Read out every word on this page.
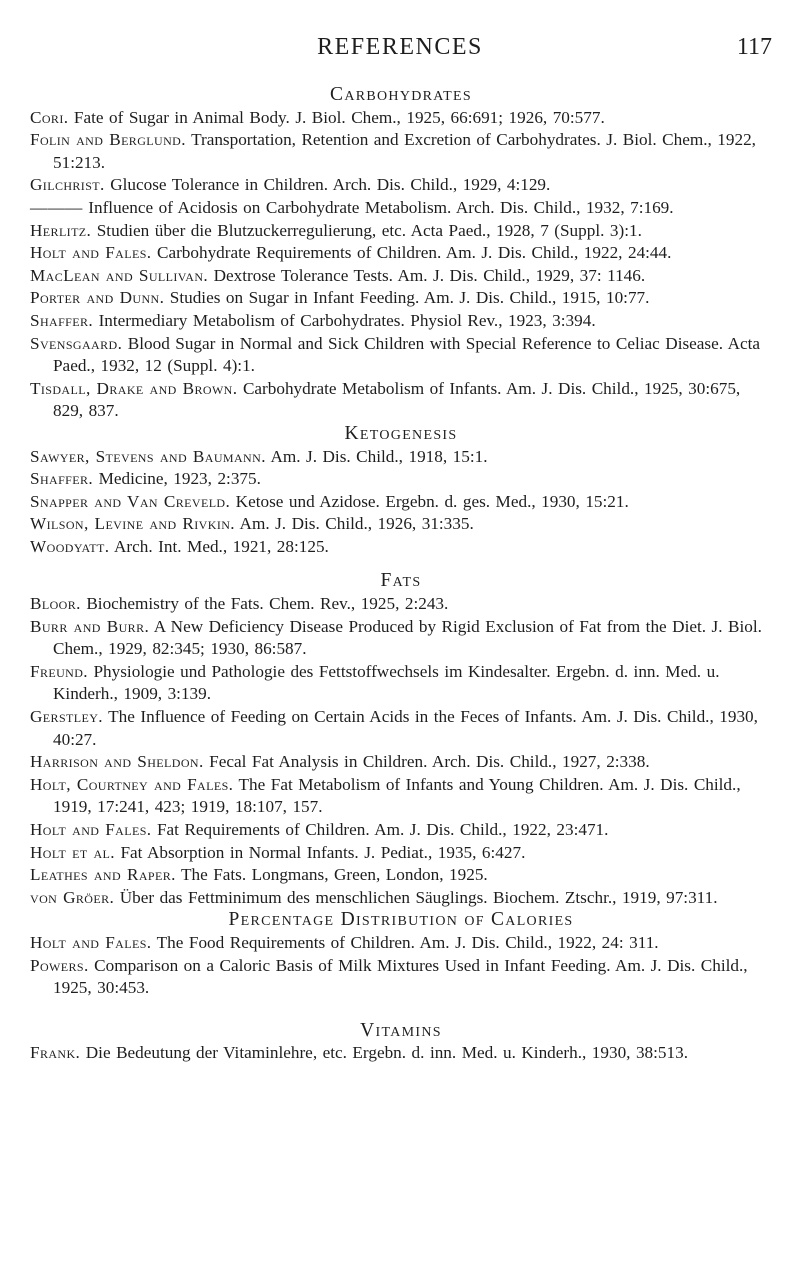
REFERENCES	117
Carbohydrates

Cori. Fate of Sugar in Animal Body. J. Biol. Chem., 1925, 66:691; 1926, 70:577.

Folin and Berglund. Transportation, Retention and Excretion of Carbohydrates. J. Biol. Chem., 1922, 51:213.

Gilchrist. Glucose Tolerance in Children. Arch. Dis. Child., 1929, 4:129.

——— Influence of Acidosis on Carbohydrate Metabolism. Arch. Dis. Child., 1932, 7:169.

Herlitz. Studien über die Blutzuckerregulierung, etc. Acta Paed., 1928, 7 (Suppl. 3):1.

Holt and Fales. Carbohydrate Requirements of Children. Am. J. Dis. Child., 1922, 24:44.

MacLean and Sullivan. Dextrose Tolerance Tests. Am. J. Dis. Child., 1929, 37: 1146.

Porter and Dunn. Studies on Sugar in Infant Feeding. Am. J. Dis. Child., 1915, 10:77.

Shaffer. Intermediary Metabolism of Carbohydrates. Physiol Rev., 1923, 3:394.

Svensgaard. Blood Sugar in Normal and Sick Children with Special Reference to Celiac Disease. Acta Paed., 1932, 12 (Suppl. 4):1.

Tisdall, Drake and Brown. Carbohydrate Metabolism of Infants. Am. J. Dis. Child., 1925, 30:675, 829, 837.

Ketogenesis

Sawyer, Stevens and Baumann. Am. J. Dis. Child., 1918, 15:1.

Shaffer. Medicine, 1923, 2:375.

Snapper and Van Creveld. Ketose und Azidose. Ergebn. d. ges. Med., 1930, 15:21.

Wilson, Levine and Rivkin. Am. J. Dis. Child., 1926, 31:335.

Woodyatt. Arch. Int. Med., 1921, 28:125.

Fats

Bloor. Biochemistry of the Fats. Chem. Rev., 1925, 2:243.

Burr and Burr. A New Deficiency Disease Produced by Rigid Exclusion of Fat from the Diet. J. Biol. Chem., 1929, 82:345; 1930, 86:587.

Freund. Physiologie und Pathologie des Fettstoffwechsels im Kindesalter. Ergebn. d. inn. Med. u. Kinderh., 1909, 3:139.

Gerstley. The Influence of Feeding on Certain Acids in the Feces of Infants. Am. J. Dis. Child., 1930, 40:27.

Harrison and Sheldon. Fecal Fat Analysis in Children. Arch. Dis. Child., 1927, 2:338.

Holt, Courtney and Fales. The Fat Metabolism of Infants and Young Children. Am. J. Dis. Child., 1919, 17:241, 423; 1919, 18:107, 157.

Holt and Fales. Fat Requirements of Children. Am. J. Dis. Child., 1922, 23:471.

Holt et al. Fat Absorption in Normal Infants. J. Pediat., 1935, 6:427.

Leathes and Raper. The Fats. Longmans, Green, London, 1925.

von Gröer. Über das Fettminimum des menschlichen Säuglings. Biochem. Ztschr., 1919, 97:311.

Percentage Distribution of Calories

Holt and Fales. The Food Requirements of Children. Am. J. Dis. Child., 1922, 24: 311.

Powers. Comparison on a Caloric Basis of Milk Mixtures Used in Infant Feeding. Am. J. Dis. Child., 1925, 30:453.

Vitamins

Frank. Die Bedeutung der Vitaminlehre, etc. Ergebn. d. inn. Med. u. Kinderh., 1930, 38:513.
